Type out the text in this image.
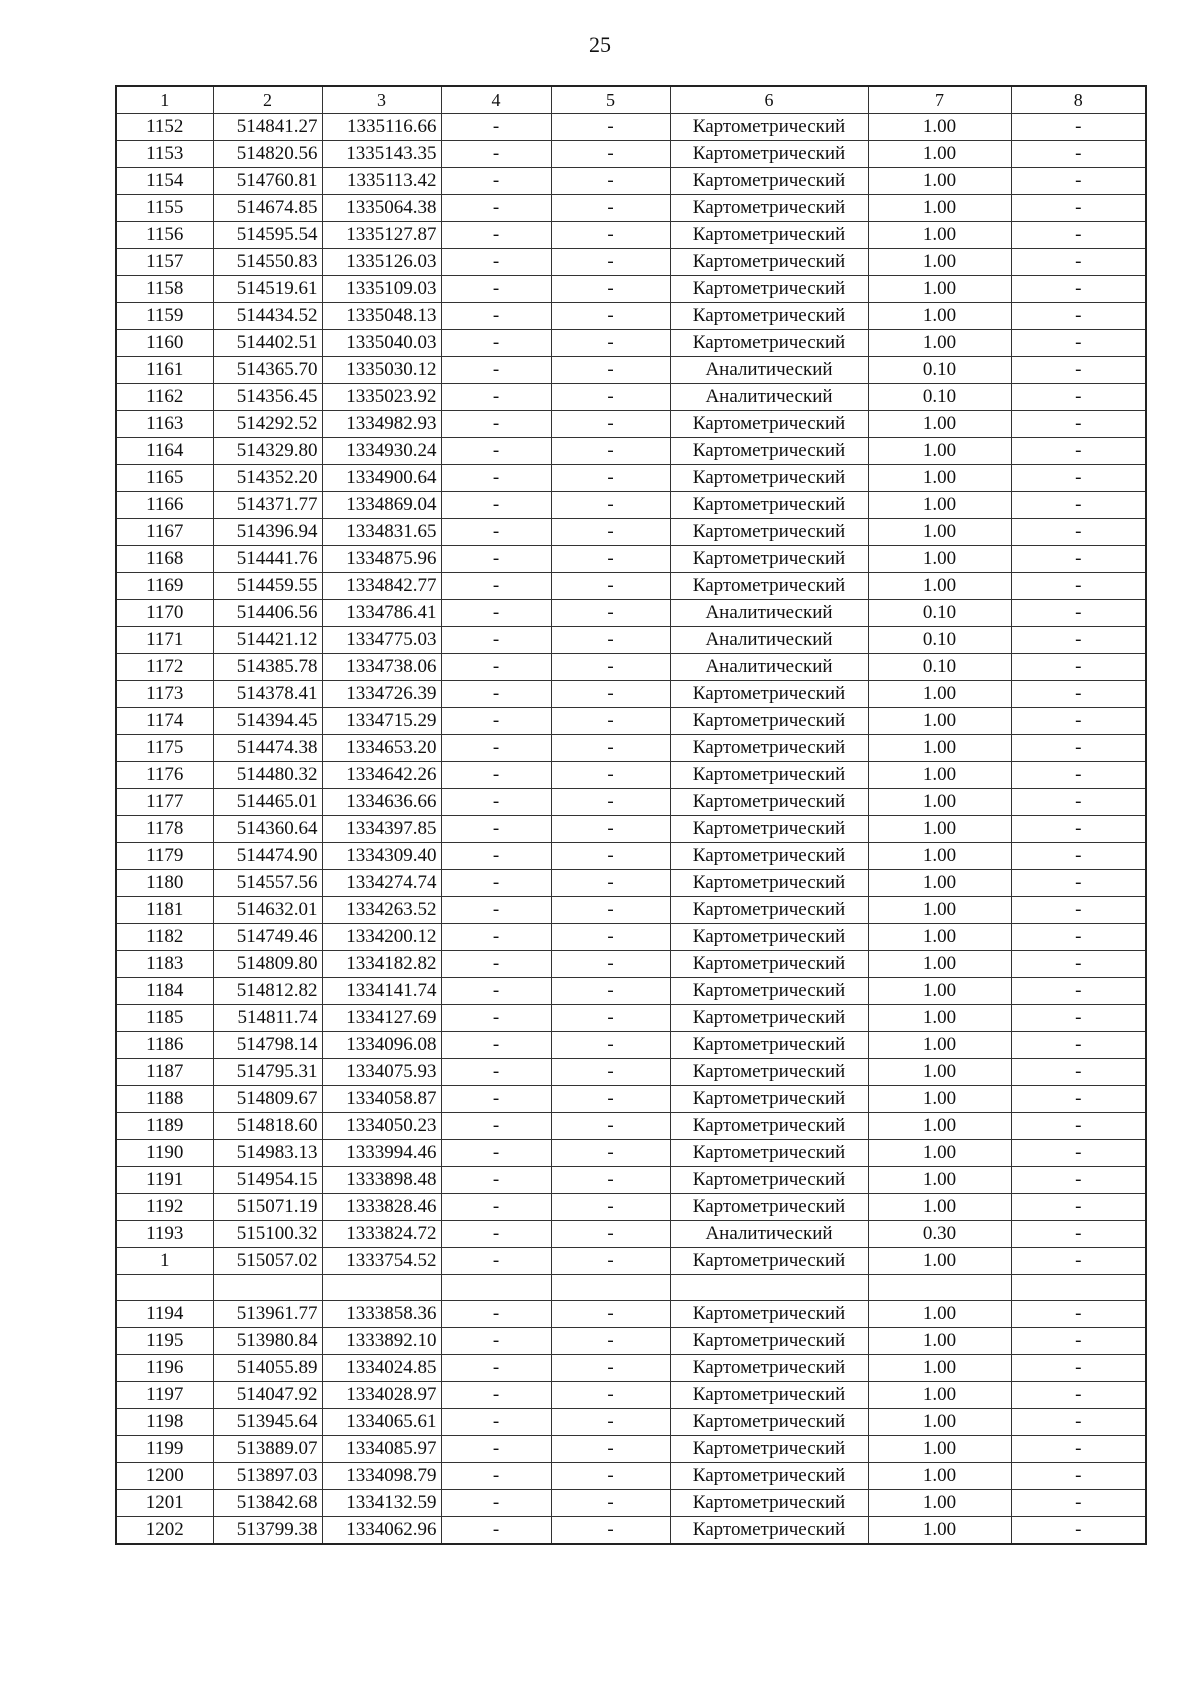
25
1	2	3	4	5	6	7	8
1152	514841.27	1335116.66	-	-	Картометрический	1.00	-
1153	514820.56	1335143.35	-	-	Картометрический	1.00	-
1154	514760.81	1335113.42	-	-	Картометрический	1.00	-
1155	514674.85	1335064.38	-	-	Картометрический	1.00	-
1156	514595.54	1335127.87	-	-	Картометрический	1.00	-
1157	514550.83	1335126.03	-	-	Картометрический	1.00	-
1158	514519.61	1335109.03	-	-	Картометрический	1.00	-
1159	514434.52	1335048.13	-	-	Картометрический	1.00	-
1160	514402.51	1335040.03	-	-	Картометрический	1.00	-
1161	514365.70	1335030.12	-	-	Аналитический	0.10	-
1162	514356.45	1335023.92	-	-	Аналитический	0.10	-
1163	514292.52	1334982.93	-	-	Картометрический	1.00	-
1164	514329.80	1334930.24	-	-	Картометрический	1.00	-
1165	514352.20	1334900.64	-	-	Картометрический	1.00	-
1166	514371.77	1334869.04	-	-	Картометрический	1.00	-
1167	514396.94	1334831.65	-	-	Картометрический	1.00	-
1168	514441.76	1334875.96	-	-	Картометрический	1.00	-
1169	514459.55	1334842.77	-	-	Картометрический	1.00	-
1170	514406.56	1334786.41	-	-	Аналитический	0.10	-
1171	514421.12	1334775.03	-	-	Аналитический	0.10	-
1172	514385.78	1334738.06	-	-	Аналитический	0.10	-
1173	514378.41	1334726.39	-	-	Картометрический	1.00	-
1174	514394.45	1334715.29	-	-	Картометрический	1.00	-
1175	514474.38	1334653.20	-	-	Картометрический	1.00	-
1176	514480.32	1334642.26	-	-	Картометрический	1.00	-
1177	514465.01	1334636.66	-	-	Картометрический	1.00	-
1178	514360.64	1334397.85	-	-	Картометрический	1.00	-
1179	514474.90	1334309.40	-	-	Картометрический	1.00	-
1180	514557.56	1334274.74	-	-	Картометрический	1.00	-
1181	514632.01	1334263.52	-	-	Картометрический	1.00	-
1182	514749.46	1334200.12	-	-	Картометрический	1.00	-
1183	514809.80	1334182.82	-	-	Картометрический	1.00	-
1184	514812.82	1334141.74	-	-	Картометрический	1.00	-
1185	514811.74	1334127.69	-	-	Картометрический	1.00	-
1186	514798.14	1334096.08	-	-	Картометрический	1.00	-
1187	514795.31	1334075.93	-	-	Картометрический	1.00	-
1188	514809.67	1334058.87	-	-	Картометрический	1.00	-
1189	514818.60	1334050.23	-	-	Картометрический	1.00	-
1190	514983.13	1333994.46	-	-	Картометрический	1.00	-
1191	514954.15	1333898.48	-	-	Картометрический	1.00	-
1192	515071.19	1333828.46	-	-	Картометрический	1.00	-
1193	515100.32	1333824.72	-	-	Аналитический	0.30	-
1	515057.02	1333754.52	-	-	Картометрический	1.00	-

1194	513961.77	1333858.36	-	-	Картометрический	1.00	-
1195	513980.84	1333892.10	-	-	Картометрический	1.00	-
1196	514055.89	1334024.85	-	-	Картометрический	1.00	-
1197	514047.92	1334028.97	-	-	Картометрический	1.00	-
1198	513945.64	1334065.61	-	-	Картометрический	1.00	-
1199	513889.07	1334085.97	-	-	Картометрический	1.00	-
1200	513897.03	1334098.79	-	-	Картометрический	1.00	-
1201	513842.68	1334132.59	-	-	Картометрический	1.00	-
1202	513799.38	1334062.96	-	-	Картометрический	1.00	-
